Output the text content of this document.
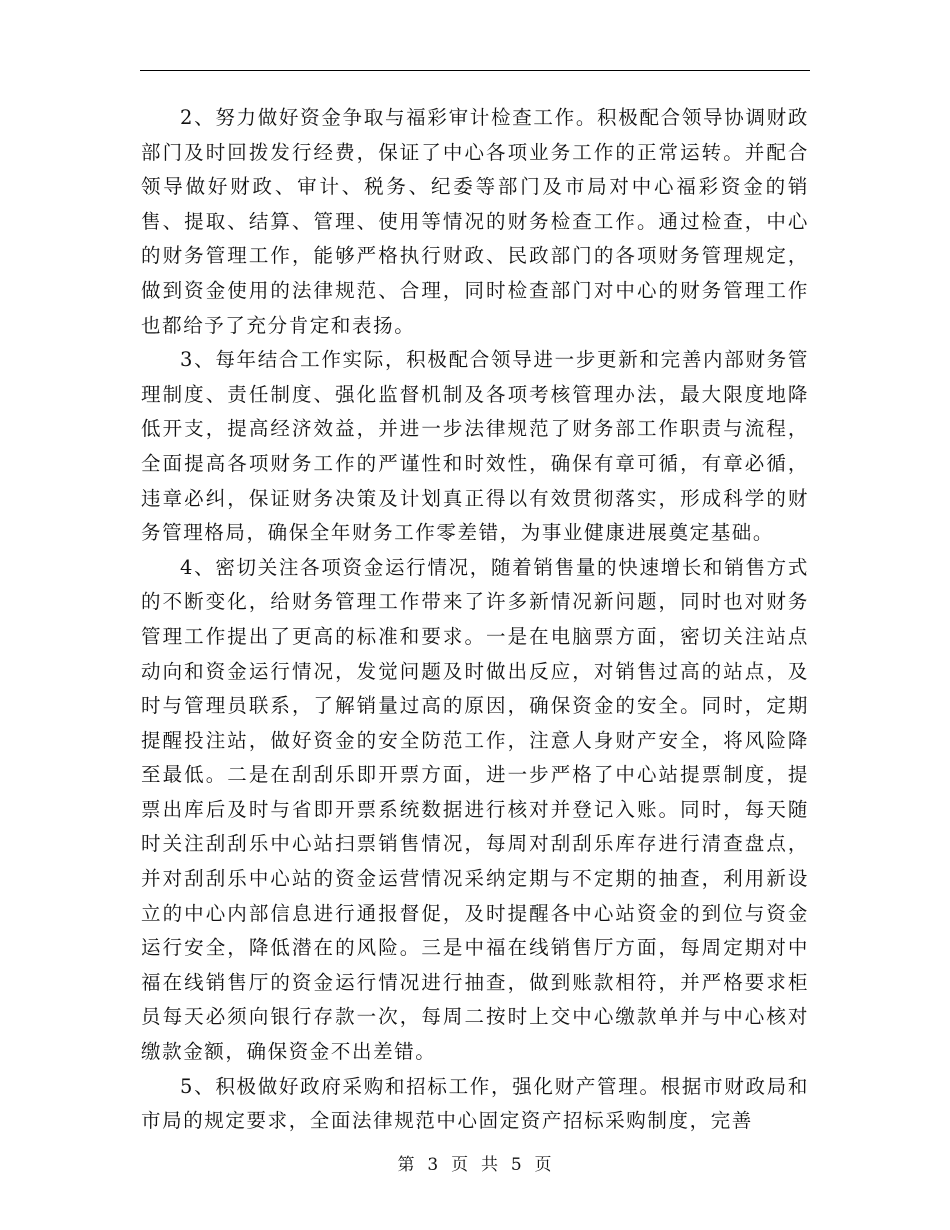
2、努力做好资金争取与福彩审计检查工作。积极配合领导协调财政部门及时回拨发行经费，保证了中心各项业务工作的正常运转。并配合领导做好财政、审计、税务、纪委等部门及市局对中心福彩资金的销售、提取、结算、管理、使用等情况的财务检查工作。通过检查，中心的财务管理工作，能够严格执行财政、民政部门的各项财务管理规定，做到资金使用的法律规范、合理，同时检查部门对中心的财务管理工作也都给予了充分肯定和表扬。

3、每年结合工作实际，积极配合领导进一步更新和完善内部财务管理制度、责任制度、强化监督机制及各项考核管理办法，最大限度地降低开支，提高经济效益，并进一步法律规范了财务部工作职责与流程，全面提高各项财务工作的严谨性和时效性，确保有章可循，有章必循，违章必纠，保证财务决策及计划真正得以有效贯彻落实，形成科学的财务管理格局，确保全年财务工作零差错，为事业健康进展奠定基础。

4、密切关注各项资金运行情况，随着销售量的快速增长和销售方式的不断变化，给财务管理工作带来了许多新情况新问题，同时也对财务管理工作提出了更高的标准和要求。一是在电脑票方面，密切关注站点动向和资金运行情况，发觉问题及时做出反应，对销售过高的站点，及时与管理员联系，了解销量过高的原因，确保资金的安全。同时，定期提醒投注站，做好资金的安全防范工作，注意人身财产安全，将风险降至最低。二是在刮刮乐即开票方面，进一步严格了中心站提票制度，提票出库后及时与省即开票系统数据进行核对并登记入账。同时，每天随时关注刮刮乐中心站扫票销售情况，每周对刮刮乐库存进行清查盘点，并对刮刮乐中心站的资金运营情况采纳定期与不定期的抽查，利用新设立的中心内部信息进行通报督促，及时提醒各中心站资金的到位与资金运行安全，降低潜在的风险。三是中福在线销售厅方面，每周定期对中福在线销售厅的资金运行情况进行抽查，做到账款相符，并严格要求柜员每天必须向银行存款一次，每周二按时上交中心缴款单并与中心核对缴款金额，确保资金不出差错。

5、积极做好政府采购和招标工作，强化财产管理。根据市财政局和市局的规定要求，全面法律规范中心固定资产招标采购制度，完善

第 3 页 共 5 页
